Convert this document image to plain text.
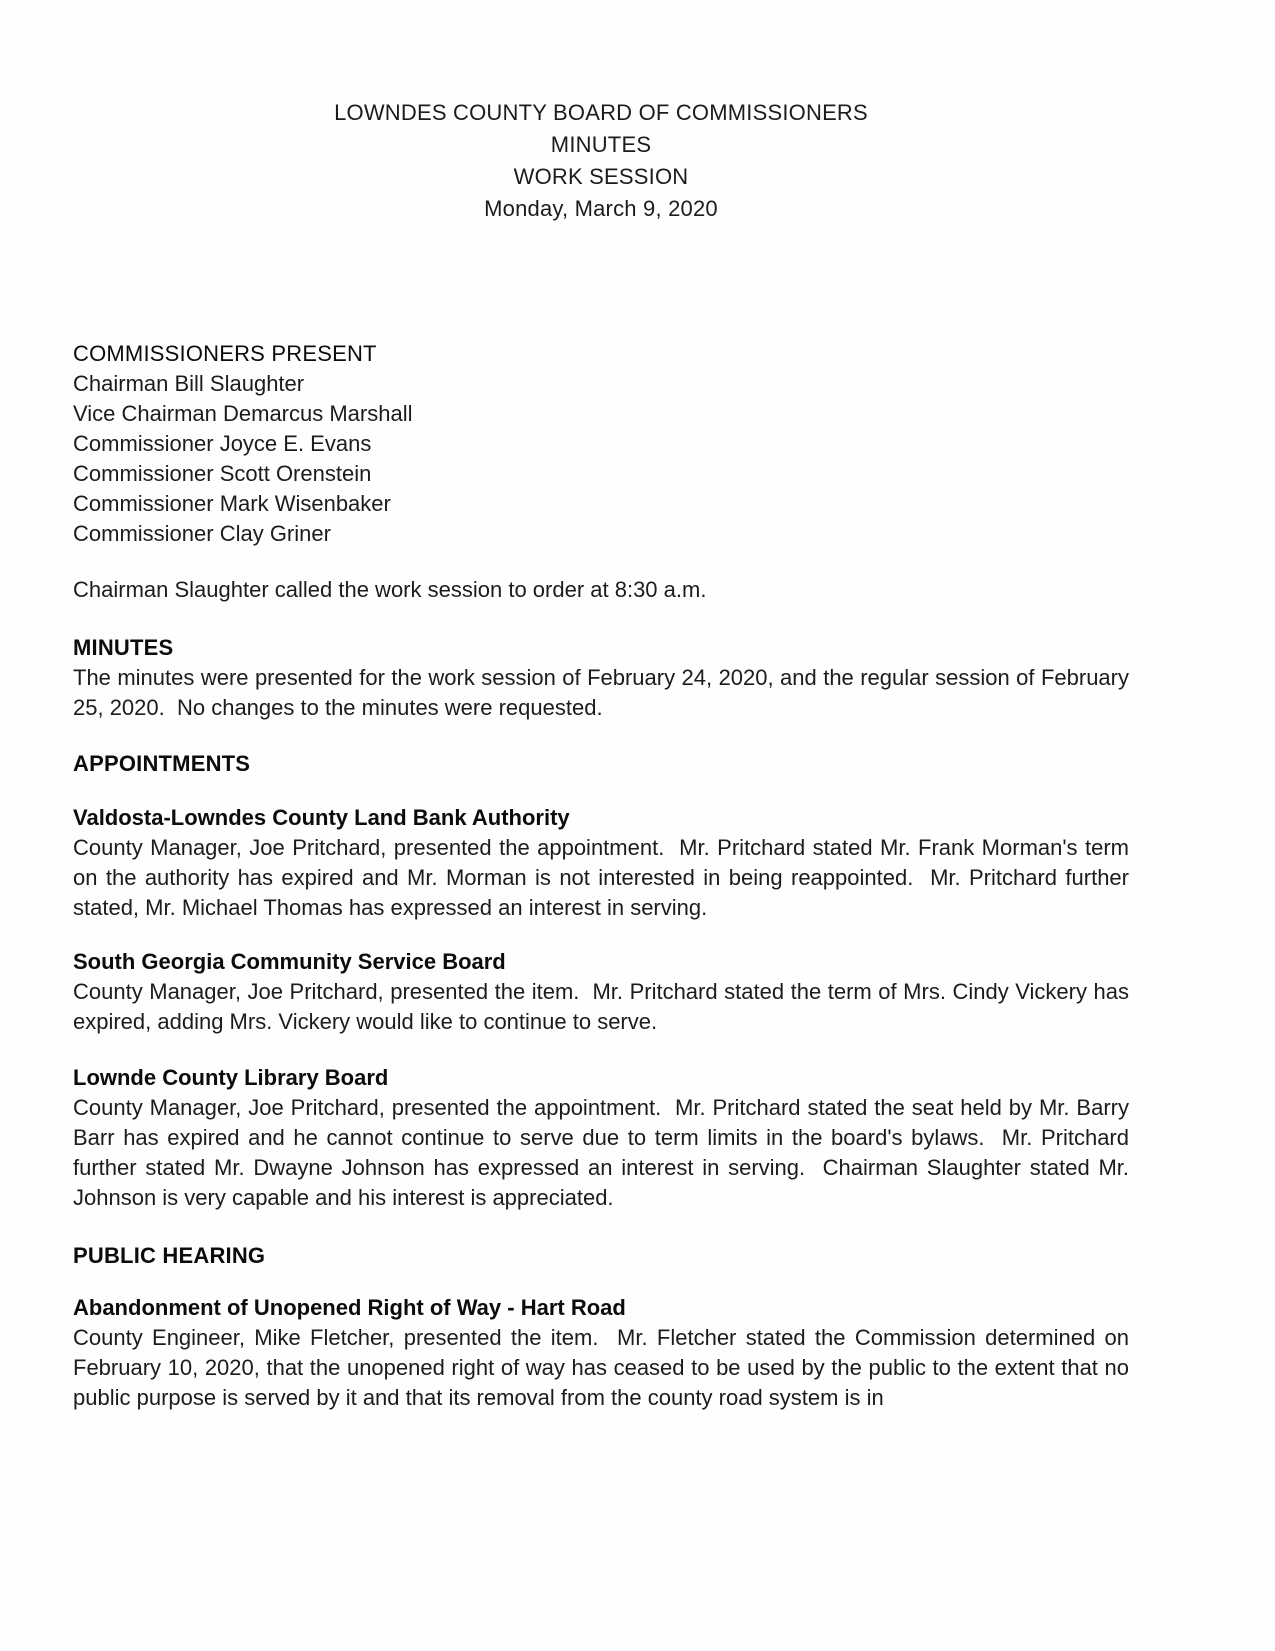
LOWNDES COUNTY BOARD OF COMMISSIONERS
MINUTES
WORK SESSION
Monday, March 9, 2020
COMMISSIONERS PRESENT
Chairman Bill Slaughter
Vice Chairman Demarcus Marshall
Commissioner Joyce E. Evans
Commissioner Scott Orenstein
Commissioner Mark Wisenbaker
Commissioner Clay Griner
Chairman Slaughter called the work session to order at 8:30 a.m.
MINUTES

The minutes were presented for the work session of February 24, 2020, and the regular session of February 25, 2020.  No changes to the minutes were requested.

APPOINTMENTS
Valdosta-Lowndes County Land Bank Authority

County Manager, Joe Pritchard, presented the appointment.  Mr. Pritchard stated Mr. Frank Morman's term on the authority has expired and Mr. Morman is not interested in being reappointed.  Mr. Pritchard further stated, Mr. Michael Thomas has expressed an interest in serving.

South Georgia Community Service Board

County Manager, Joe Pritchard, presented the item.  Mr. Pritchard stated the term of Mrs. Cindy Vickery has expired, adding Mrs. Vickery would like to continue to serve.

Lownde County Library Board

County Manager, Joe Pritchard, presented the appointment.  Mr. Pritchard stated the seat held by Mr. Barry Barr has expired and he cannot continue to serve due to term limits in the board's bylaws.  Mr. Pritchard further stated Mr. Dwayne Johnson has expressed an interest in serving.  Chairman Slaughter stated Mr. Johnson is very capable and his interest is appreciated.

PUBLIC HEARING
Abandonment of Unopened Right of Way - Hart Road

County Engineer, Mike Fletcher, presented the item.  Mr. Fletcher stated the Commission determined on February 10, 2020, that the unopened right of way has ceased to be used by the public to the extent that no public purpose is served by it and that its removal from the county road system is in
